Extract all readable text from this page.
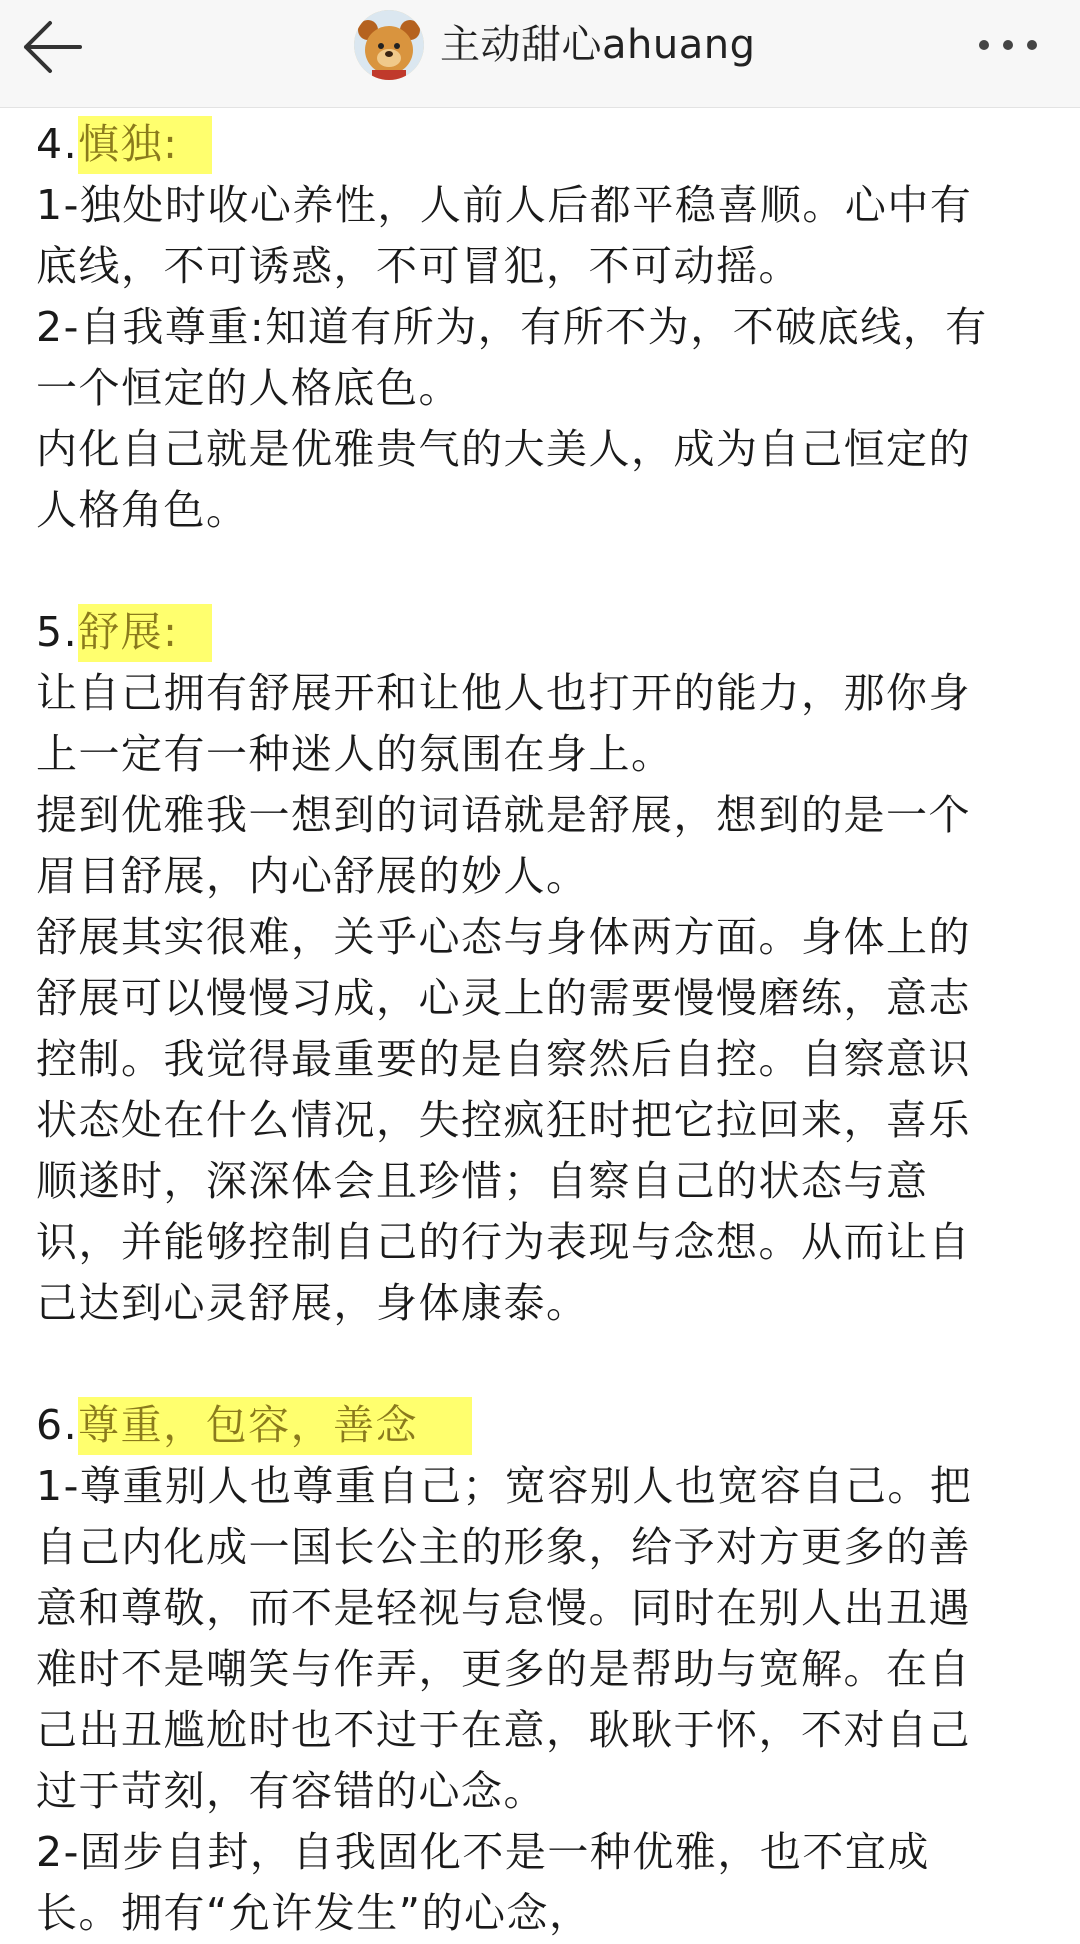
主动甜心ahuang
4.慎独:
1-独处时收心养性，人前人后都平稳喜顺。心中有
底线，不可诱惑，不可冒犯，不可动摇。
2-自我尊重:知道有所为，有所不为，不破底线，有
一个恒定的人格底色。
内化自己就是优雅贵气的大美人，成为自己恒定的
人格角色。
5.舒展:
让自己拥有舒展开和让他人也打开的能力，那你身
上一定有一种迷人的氛围在身上。
提到优雅我一想到的词语就是舒展，想到的是一个
眉目舒展，内心舒展的妙人。
舒展其实很难，关乎心态与身体两方面。身体上的
舒展可以慢慢习成，心灵上的需要慢慢磨练，意志
控制。我觉得最重要的是自察然后自控。自察意识
状态处在什么情况，失控疯狂时把它拉回来，喜乐
顺遂时，深深体会且珍惜；自察自己的状态与意
识，并能够控制自己的行为表现与念想。从而让自
己达到心灵舒展，身体康泰。
6.尊重，包容，善念
1-尊重别人也尊重自己；宽容别人也宽容自己。把
自己内化成一国长公主的形象，给予对方更多的善
意和尊敬，而不是轻视与怠慢。同时在别人出丑遇
难时不是嘲笑与作弄，更多的是帮助与宽解。在自
己出丑尴尬时也不过于在意，耿耿于怀，不对自己
过于苛刻，有容错的心念。
2-固步自封，自我固化不是一种优雅，也不宜成
长。拥有“允许发生”的心念，
